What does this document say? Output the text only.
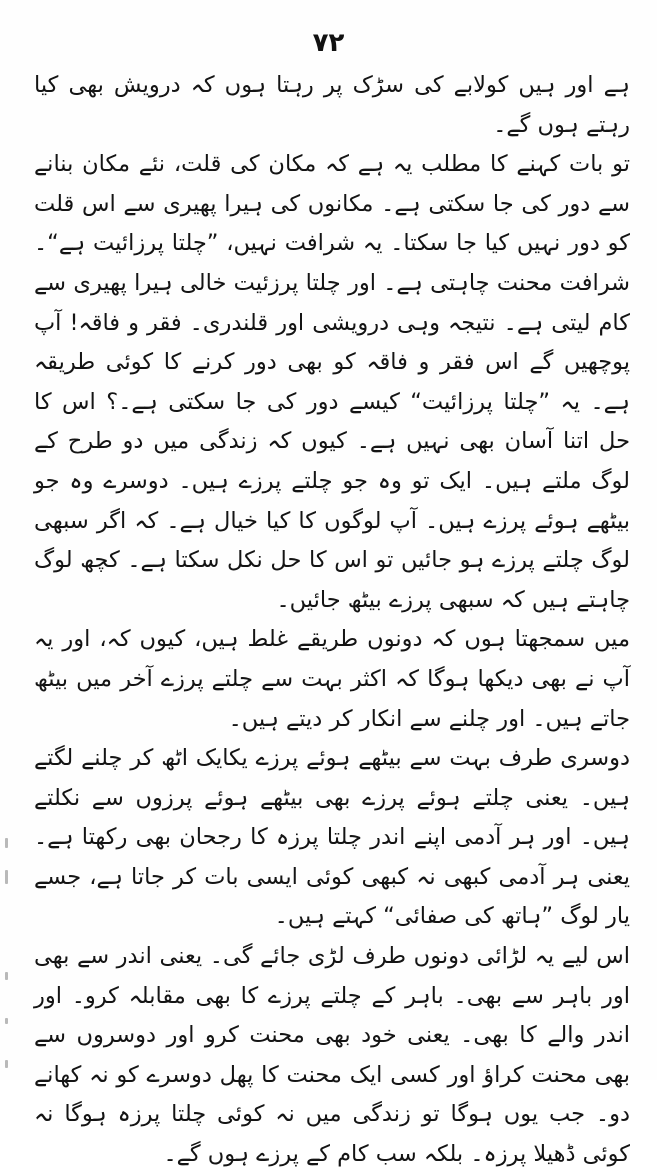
۷۲

ہے اور ہیں کولابے کی سڑک پر رہتا ہوں کہ درویش بھی کیا رہتے ہوں گے۔

تو بات کہنے کا مطلب یہ ہے کہ مکان کی قلت، نئے مکان بنانے سے دور کی جا سکتی ہے۔ مکانوں کی ہیرا پھیری سے اس قلت کو دور نہیں کیا جا سکتا۔ یہ شرافت نہیں، ”چلتا پرزائیت ہے“۔ شرافت محنت چاہتی ہے۔ اور چلتا پرزئیت خالی ہیرا پھیری سے کام لیتی ہے۔ نتیجہ وہی درویشی اور قلندری۔ فقر و فاقہ! آپ پوچھیں گے اس فقر و فاقہ کو بھی دور کرنے کا کوئی طریقہ ہے۔ یہ ”چلتا پرزائیت“ کیسے دور کی جا سکتی ہے۔؟ اس کا حل اتنا آسان بھی نہیں ہے۔ کیوں کہ زندگی میں دو طرح کے لوگ ملتے ہیں۔ ایک تو وہ جو چلتے پرزے ہیں۔ دوسرے وہ جو بیٹھے ہوئے پرزے ہیں۔ آپ لوگوں کا کیا خیال ہے۔ کہ اگر سبھی لوگ چلتے پرزے ہو جائیں تو اس کا حل نکل سکتا ہے۔ کچھ لوگ چاہتے ہیں کہ سبھی پرزے بیٹھ جائیں۔

میں سمجھتا ہوں کہ دونوں طریقے غلط ہیں، کیوں کہ، اور یہ آپ نے بھی دیکھا ہوگا کہ اکثر بہت سے چلتے پرزے آخر میں بیٹھ جاتے ہیں۔ اور چلنے سے انکار کر دیتے ہیں۔

دوسری طرف بہت سے بیٹھے ہوئے پرزے یکایک اٹھ کر چلنے لگتے ہیں۔ یعنی چلتے ہوئے پرزے بھی بیٹھے ہوئے پرزوں سے نکلتے ہیں۔ اور ہر آدمی اپنے اندر چلتا پرزہ کا رجحان بھی رکھتا ہے۔ یعنی ہر آدمی کبھی نہ کبھی کوئی ایسی بات کر جاتا ہے، جسے یار لوگ ”ہاتھ کی صفائی“ کہتے ہیں۔

اس لیے یہ لڑائی دونوں طرف لڑی جائے گی۔ یعنی اندر سے بھی اور باہر سے بھی۔ باہر کے چلتے پرزے کا بھی مقابلہ کرو۔ اور اندر والے کا بھی۔ یعنی خود بھی محنت کرو اور دوسروں سے بھی محنت کراؤ اور کسی ایک محنت کا پھل دوسرے کو نہ کھانے دو۔ جب یوں ہوگا تو زندگی میں نہ کوئی چلتا پرزہ ہوگا نہ کوئی ڈھیلا پرزہ۔ بلکہ سب کام کے پرزے ہوں گے۔
